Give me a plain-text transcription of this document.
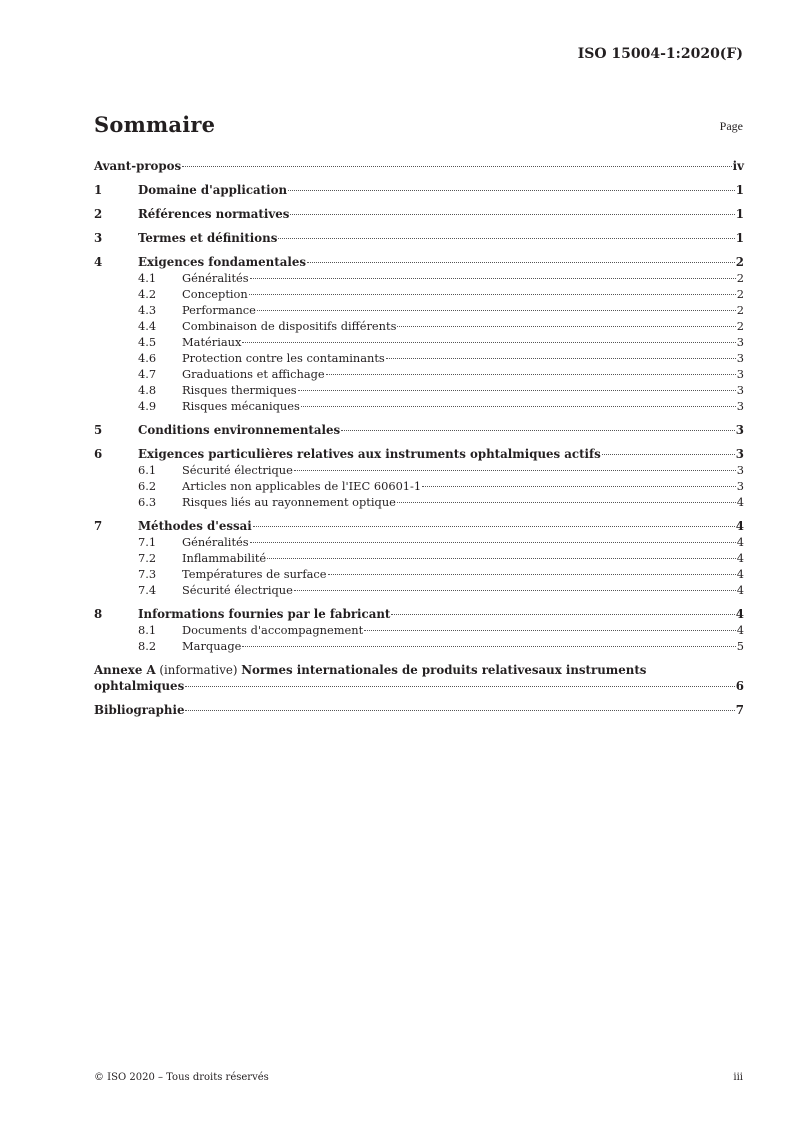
ISO 15004-1:2020(F)
Sommaire	Page
Avant-propos	iv
1	Domaine d'application	1
2	Références normatives	1
3	Termes et définitions	1
4	Exigences fondamentales	2
4.1	Généralités	2
4.2	Conception	2
4.3	Performance	2
4.4	Combinaison de dispositifs différents	2
4.5	Matériaux	3
4.6	Protection contre les contaminants	3
4.7	Graduations et affichage	3
4.8	Risques thermiques	3
4.9	Risques mécaniques	3
5	Conditions environnementales	3
6	Exigences particulières relatives aux instruments ophtalmiques actifs	3
6.1	Sécurité électrique	3
6.2	Articles non applicables de l'IEC 60601-1	3
6.3	Risques liés au rayonnement optique	4
7	Méthodes d'essai	4
7.1	Généralités	4
7.2	Inflammabilité	4
7.3	Températures de surface	4
7.4	Sécurité électrique	4
8	Informations fournies par le fabricant	4
8.1	Documents d'accompagnement	4
8.2	Marquage	5
Annexe A (informative) Normes internationales de produits relativesaux instruments
ophtalmiques	6
Bibliographie	7
© ISO 2020 – Tous droits réservés	iii
